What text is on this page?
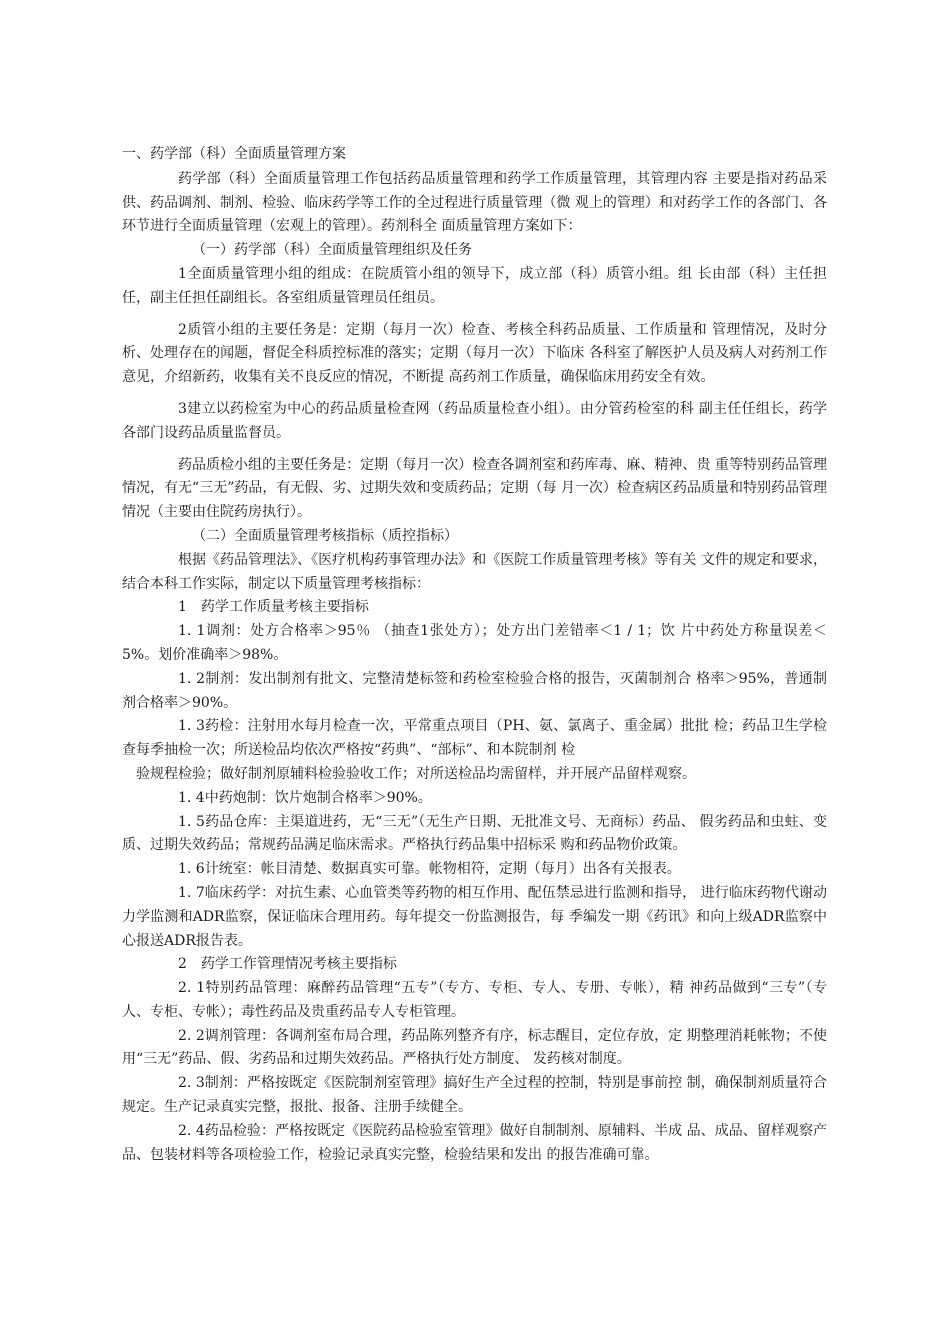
一、药学部（科）全面质量管理方案

药学部（科）全面质量管理工作包括药品质量管理和药学工作质量管理，其管理内容 主要是指对药品采供、药品调剂、制剂、检验、临床药学等工作的全过程进行质量管理（微 观上的管理）和对药学工作的各部门、各环节进行全面质量管理（宏观上的管理）。药剂科全 面质量管理方案如下：

（一）药学部（科）全面质量管理组织及任务

1全面质量管理小组的组成：在院质管小组的领导下，成立部（科）质管小组。组 长由部（科）主任担任，副主任担任副组长。各室组质量管理员任组员。

2质管小组的主要任务是：定期（每月一次）检查、考核全科药品质量、工作质量和 管理情况，及时分析、处理存在的闻题，督促全科质控标准的落实；定期（每月一次）下临床 各科室了解医护人员及病人对药剂工作意见，介绍新药，收集有关不良反应的情况，不断提 高药剂工作质量，确保临床用药安全有效。

3建立以药检室为中心的药品质量检查网（药品质量检查小组）。由分管药检室的科 副主任任组长，药学各部门设药品质量监督员。

药品质检小组的主要任务是：定期（每月一次）检查各调剂室和药库毒、麻、精神、贵 重等特别药品管理情况，有无“三无”药品，有无假、劣、过期失效和变质药品；定期（每 月一次）检查病区药品质量和特别药品管理情况（主要由住院药房执行）。

（二）全面质量管理考核指标（质控指标）

根据《药品管理法》、《医疗机构药事管理办法》和《医院工作质量管理考核》等有关 文件的规定和要求，结合本科工作实际，制定以下质量管理考核指标：

1　药学工作质量考核主要指标

1. 1调剂：处方合格率＞95％ （抽查1张处方）；处方出门差错率＜1 / 1；饮 片中药处方称量误差＜5%。划价准确率＞98%。

1. 2制剂：发出制剂有批文、完整清楚标签和药检室检验合格的报告，灭菌制剂合 格率＞95%，普通制剂合格率＞90%。

1. 3药检：注射用水每月检查一次，平常重点项目（PH、氨、氯离子、重金属）批批 检；药品卫生学检查每季抽检一次；所送检品均依次严格按“药典”、“部标”、和本院制剂 检

验规程检验；做好制剂原辅料检验验收工作；对所送检品均需留样，并开展产品留样观察。

1. 4中药炮制：饮片炮制合格率＞90%。

1. 5药品仓库：主渠道进药，无“三无”（无生产日期、无批准文号、无商标）药品、 假劣药品和虫蛀、变质、过期失效药品；常规药品满足临床需求。严格执行药品集中招标采 购和药品物价政策。

1. 6计统室：帐目清楚、数据真实可靠。帐物相符，定期（每月）出各有关报表。

1. 7临床药学：对抗生素、心血管类等药物的相互作用、配伍禁忌进行监测和指导， 进行临床药物代谢动力学监测和ADR监察，保证临床合理用药。每年提交一份监测报告，每 季编发一期《药讯》和向上级ADR监察中心报送ADR报告表。

2　药学工作管理情况考核主要指标

2. 1特别药品管理：麻醉药品管理“五专”（专方、专柜、专人、专册、专帐），精 神药品做到“三专”（专人、专柜、专帐）；毒性药品及贵重药品专人专柜管理。

2. 2调剂管理：各调剂室布局合理，药品陈列整齐有序，标志醒目，定位存放，定 期整理消耗帐物；不使用“三无”药品、假、劣药品和过期失效药品。严格执行处方制度、 发药核对制度。

2. 3制剂：严格按既定《医院制剂室管理》搞好生产全过程的控制，特别是事前控 制，确保制剂质量符合规定。生产记录真实完整，报批、报备、注册手续健全。

2. 4药品检验：严格按既定《医院药品检验室管理》做好自制制剂、原辅料、半成 品、成品、留样观察产品、包装材料等各项检验工作，检验记录真实完整，检验结果和发出 的报告准确可靠。
